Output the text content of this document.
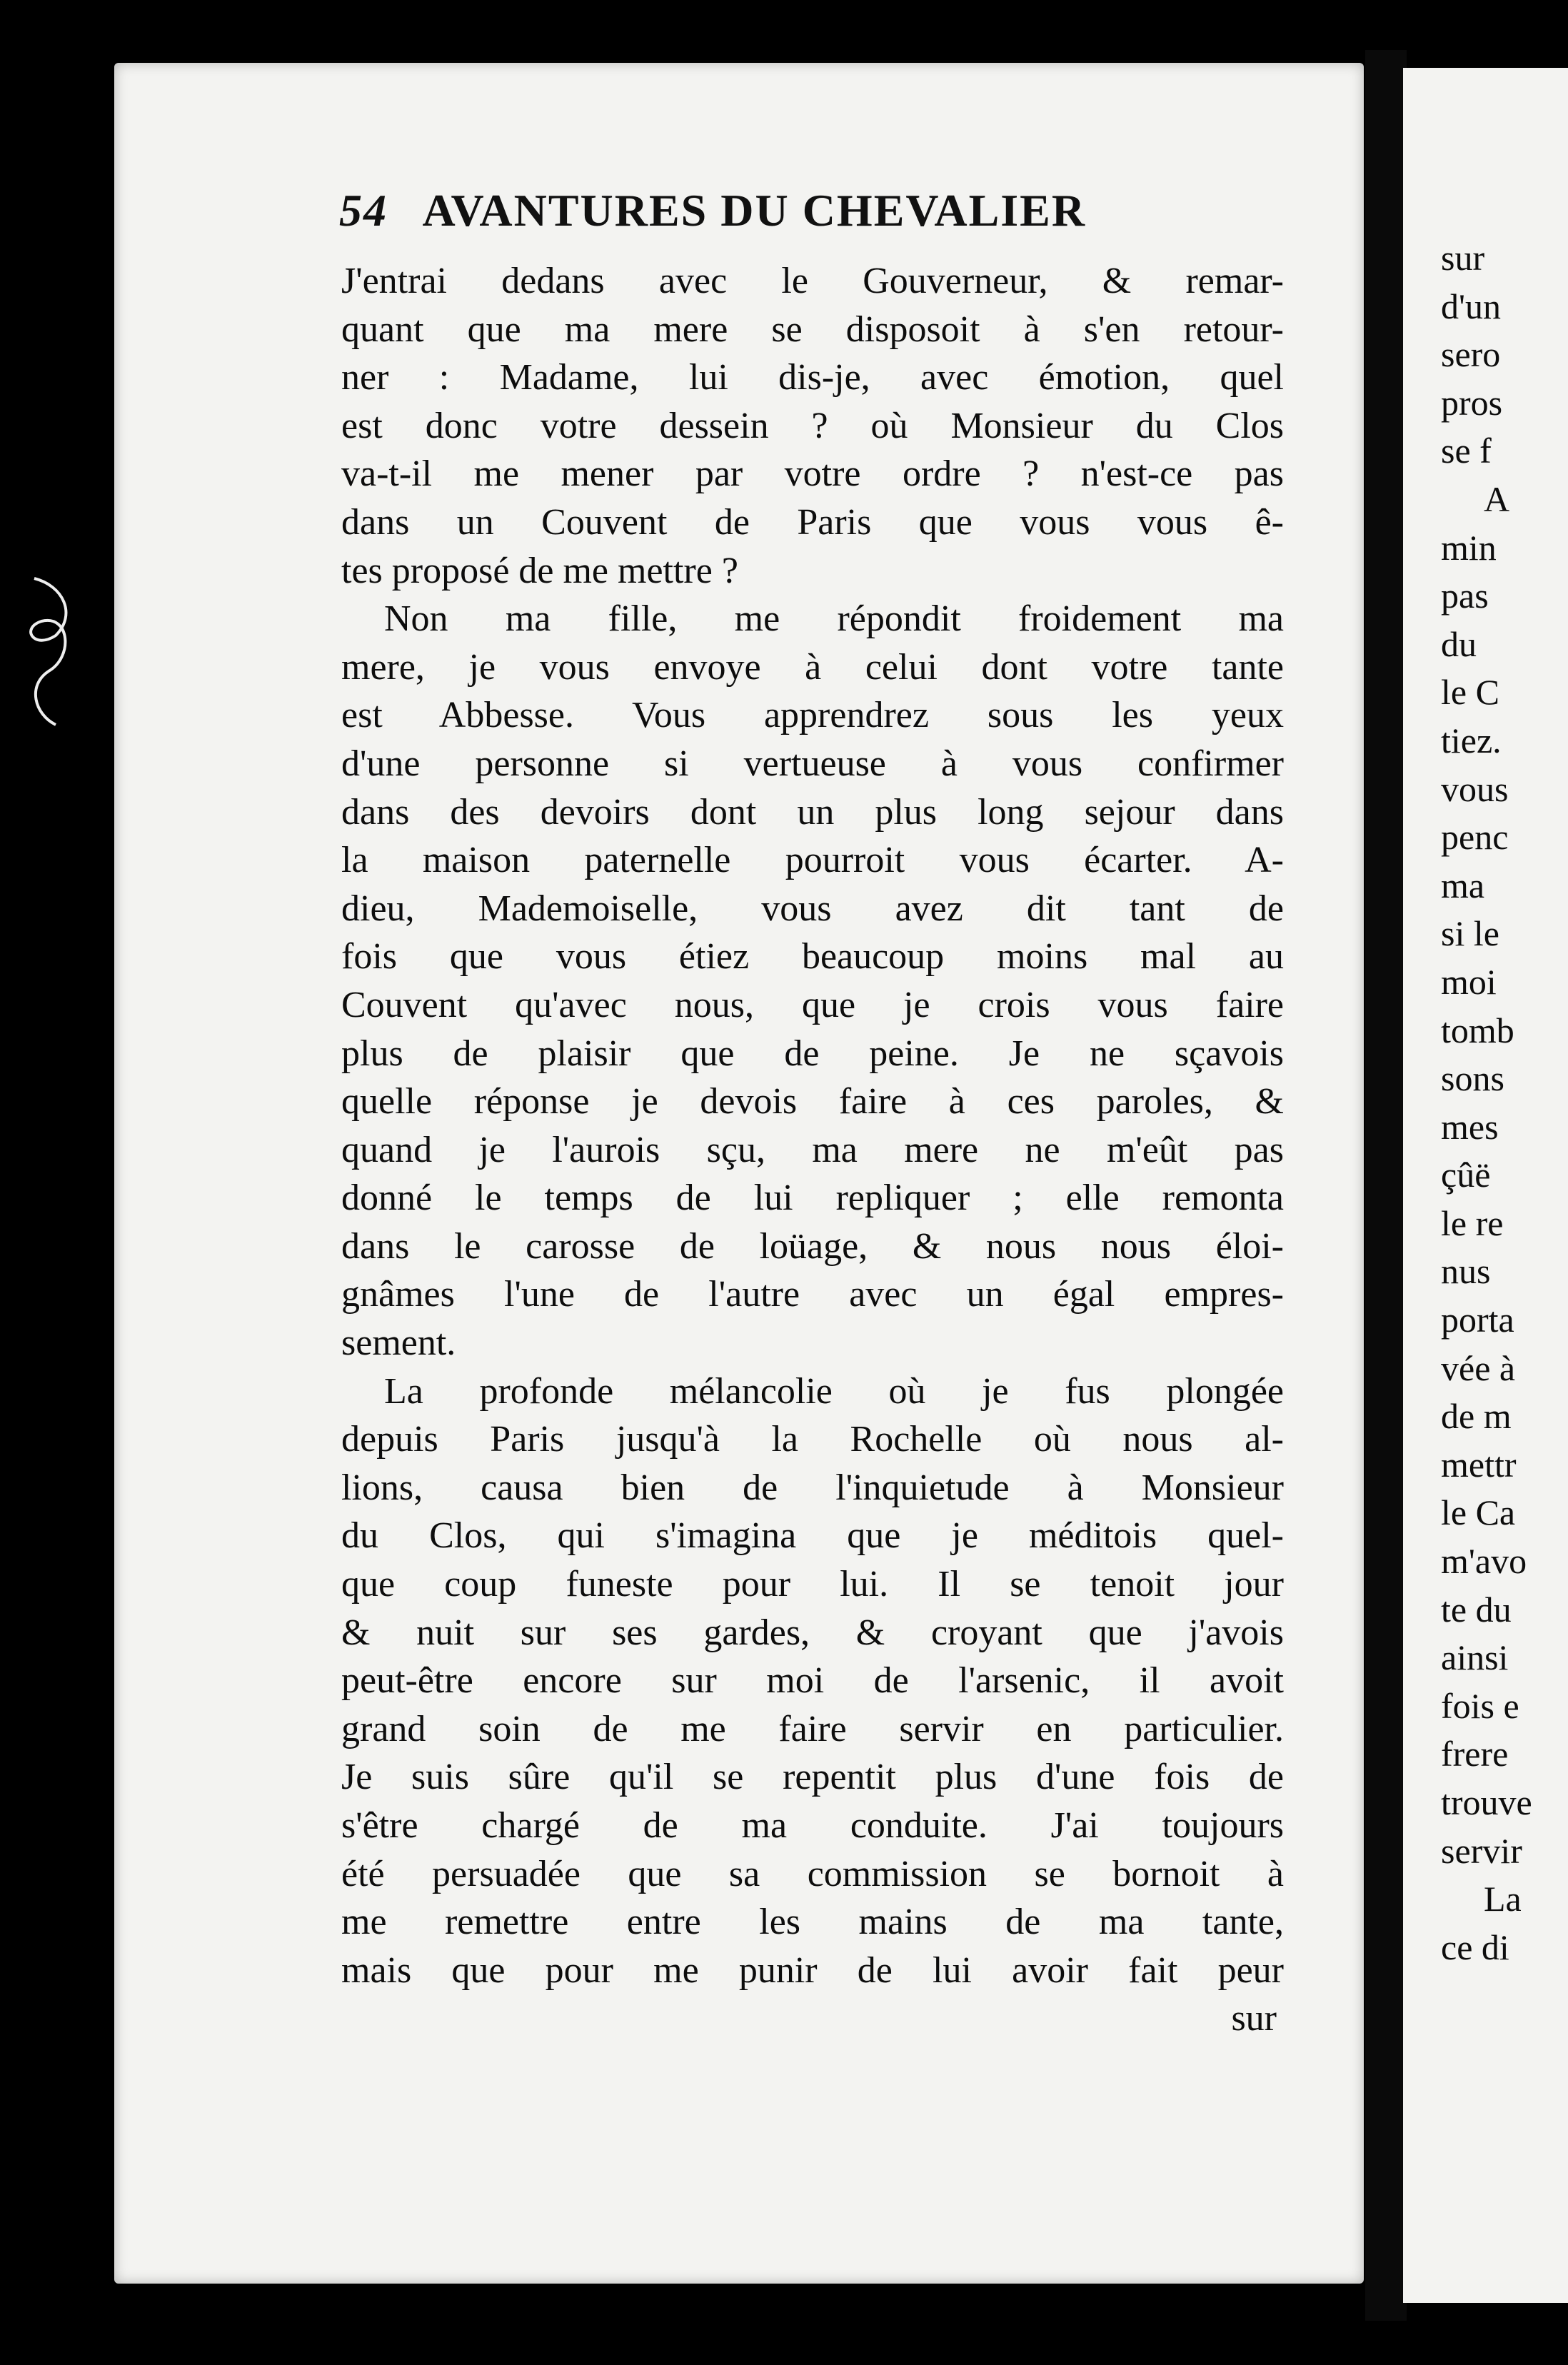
54 AVANTURES DU CHEVALIER
J'entrai dedans avec le Gouverneur, & remar-
quant que ma mere se disposoit à s'en retour-
ner : Madame, lui dis-je, avec émotion, quel
est donc votre dessein ? où Monsieur du Clos
va-t-il me mener par votre ordre ? n'est-ce pas
dans un Couvent de Paris que vous vous ê-
tes proposé de me mettre ?
Non ma fille, me répondit froidement ma
mere, je vous envoye à celui dont votre tante
est Abbesse. Vous apprendrez sous les yeux
d'une personne si vertueuse à vous confirmer
dans des devoirs dont un plus long sejour dans
la maison paternelle pourroit vous écarter. A-
dieu, Mademoiselle, vous avez dit tant de
fois que vous étiez beaucoup moins mal au
Couvent qu'avec nous, que je crois vous faire
plus de plaisir que de peine. Je ne sçavois
quelle réponse je devois faire à ces paroles, &
quand je l'aurois sçu, ma mere ne m'eût pas
donné le temps de lui repliquer ; elle remonta
dans le carosse de loüage, & nous nous éloi-
gnâmes l'une de l'autre avec un égal empres-
sement.
La profonde mélancolie où je fus plongée
depuis Paris jusqu'à la Rochelle où nous al-
lions, causa bien de l'inquietude à Monsieur
du Clos, qui s'imagina que je méditois quel-
que coup funeste pour lui. Il se tenoit jour
& nuit sur ses gardes, & croyant que j'avois
peut-être encore sur moi de l'arsenic, il avoit
grand soin de me faire servir en particulier.
Je suis sûre qu'il se repentit plus d'une fois de
s'être chargé de ma conduite. J'ai toujours
été persuadée que sa commission se bornoit à
me remettre entre les mains de ma tante,
mais que pour me punir de lui avoir fait peur
sur
sur
d'un
sero
pros
se f
A
min
pas
du
le C
tiez.
vous
penc
ma
si le
moi
tomb
sons
mes
çûë
le re
nus
porta
vée à
de m
mettr
le Ca
m'avo
te du
ainsi
fois e
frere
trouve
servir
La
ce di
